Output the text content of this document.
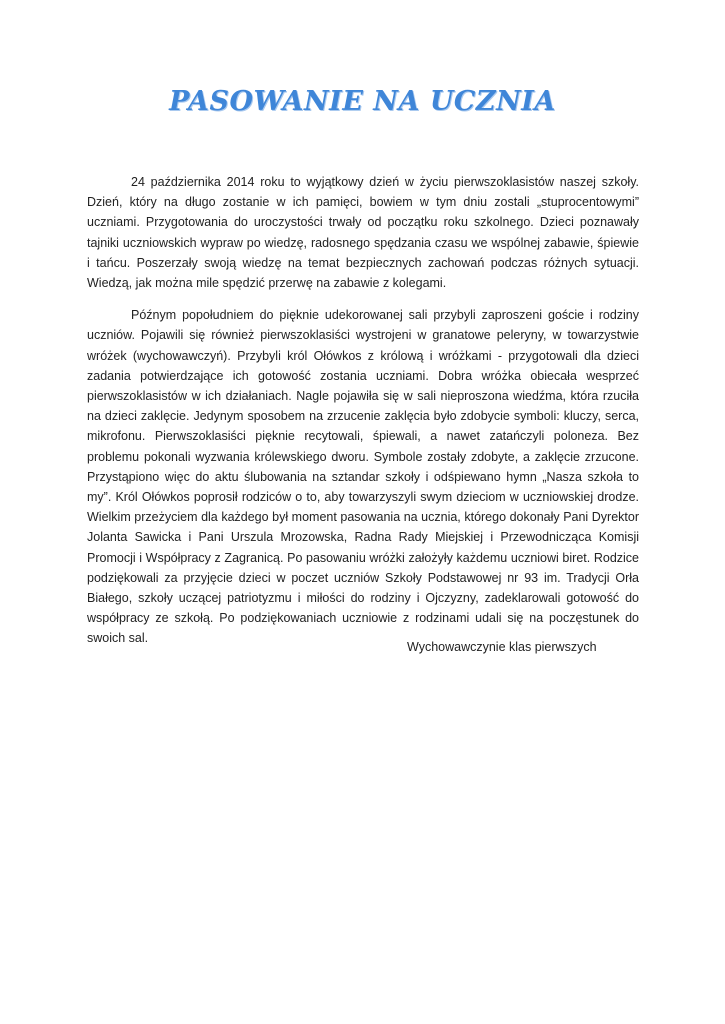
PASOWANIE NA UCZNIA

24 października 2014 roku to wyjątkowy dzień w życiu pierwszoklasistów naszej szkoły. Dzień, który na długo zostanie w ich pamięci, bowiem w tym dniu zostali „stuprocentowymi” uczniami. Przygotowania do uroczystości trwały od początku roku szkolnego. Dzieci poznawały tajniki uczniowskich wypraw po wiedzę, radosnego spędzania czasu we wspólnej zabawie, śpiewie i tańcu. Poszerzały swoją wiedzę na temat bezpiecznych zachowań podczas różnych sytuacji. Wiedzą, jak można mile spędzić przerwę na zabawie z kolegami.

Późnym popołudniem do pięknie udekorowanej sali przybyli zaproszeni goście i rodziny uczniów. Pojawili się również pierwszoklasiści wystrojeni w granatowe peleryny, w towarzystwie wróżek (wychowawczyń). Przybyli król Ołówkos z królową i wróżkami - przygotowali dla dzieci zadania potwierdzające ich gotowość zostania uczniami. Dobra wróżka obiecała wesprzeć pierwszoklasistów w ich działaniach. Nagle pojawiła się w sali nieproszona wiedźma, która rzuciła na dzieci zaklęcie. Jedynym sposobem na zrzucenie zaklęcia było zdobycie symboli: kluczy, serca, mikrofonu. Pierwszoklasiści pięknie recytowali, śpiewali, a nawet zatańczyli poloneza. Bez problemu pokonali wyzwania królewskiego dworu. Symbole zostały zdobyte, a zaklęcie zrzucone. Przystąpiono więc do aktu ślubowania na sztandar szkoły i odśpiewano hymn „Nasza szkoła to my”. Król Ołówkos poprosił rodziców o to, aby towarzyszyli swym dzieciom w uczniowskiej drodze. Wielkim przeżyciem dla każdego był moment pasowania na ucznia, którego dokonały Pani Dyrektor Jolanta Sawicka i Pani Urszula Mrozowska, Radna Rady Miejskiej i Przewodnicząca Komisji Promocji i Współpracy z Zagranicą. Po pasowaniu wróżki założyły każdemu uczniowi biret. Rodzice podziękowali za przyjęcie dzieci w poczet uczniów Szkoły Podstawowej nr 93 im. Tradycji Orła Białego, szkoły uczącej patriotyzmu i miłości do rodziny i Ojczyzny, zadeklarowali gotowość do współpracy ze szkołą. Po podziękowaniach uczniowie z rodzinami udali się na poczęstunek do swoich sal.

Wychowawczynie klas pierwszych
